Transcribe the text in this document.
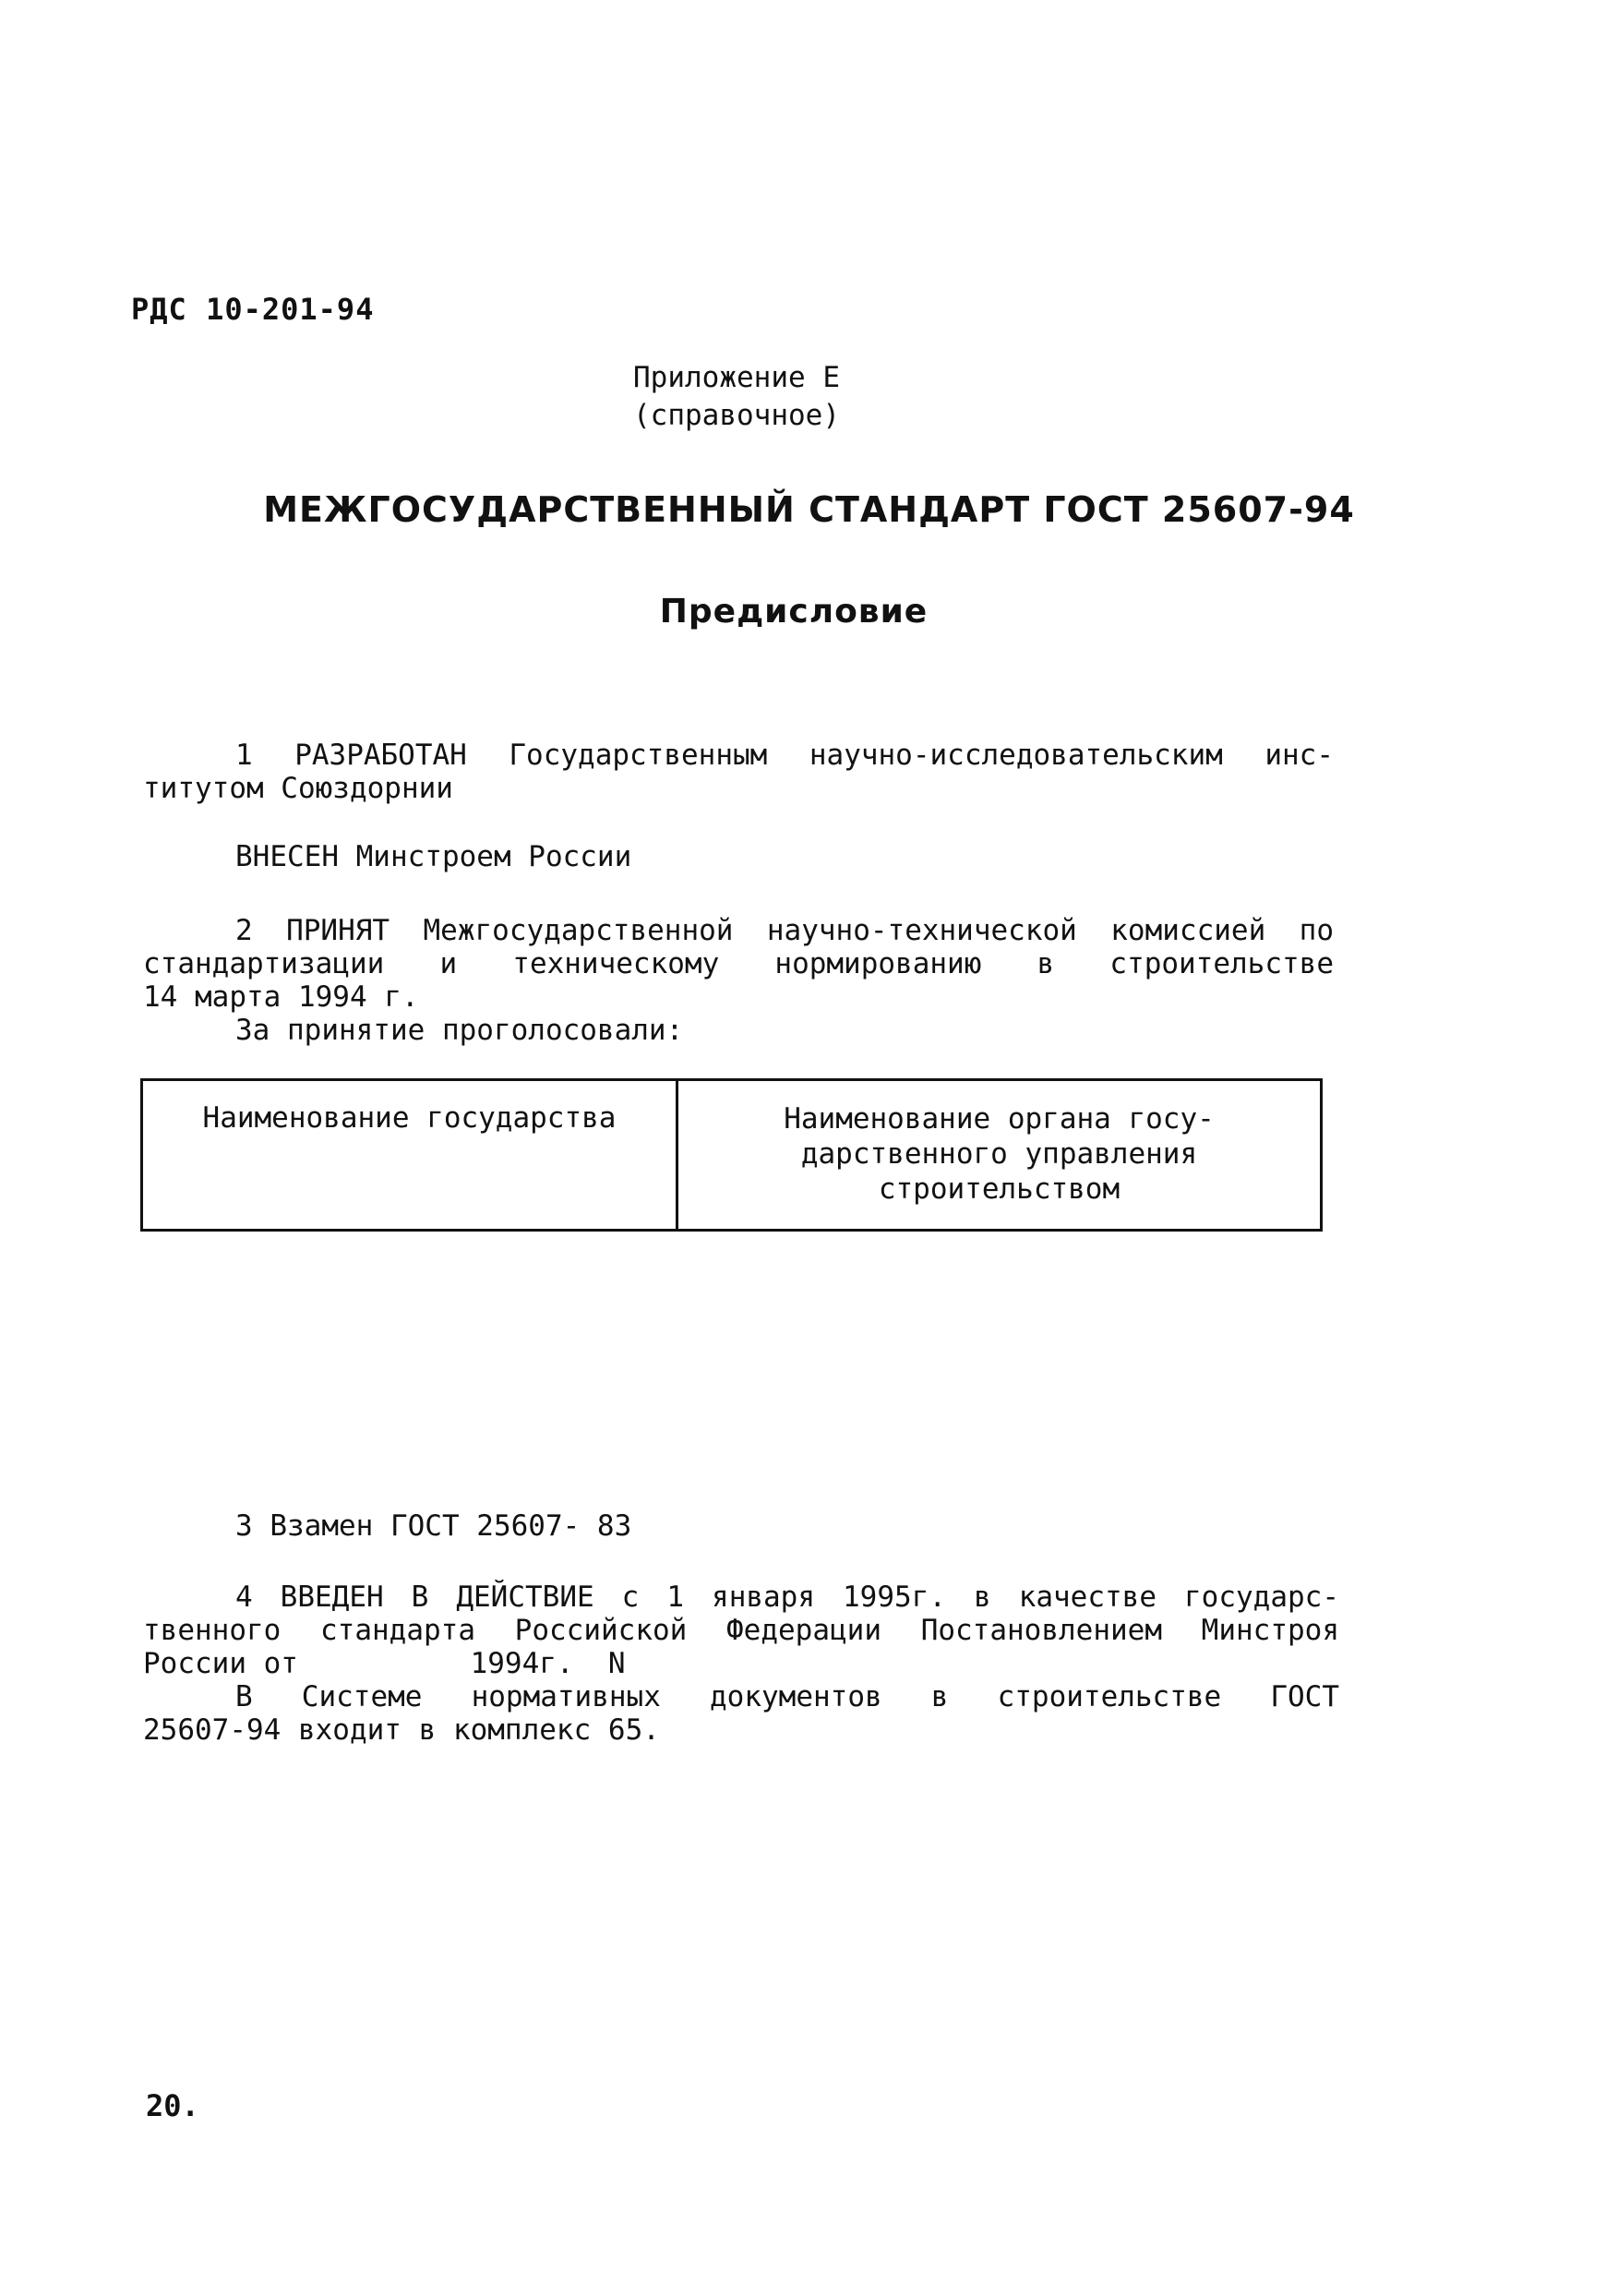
РДС 10-201-94
Приложение Е
(справочное)
МЕЖГОСУДАРСТВЕННЫЙ СТАНДАРТ ГОСТ 25607-94
Предисловие
1 РАЗРАБОТАН Государственным научно-исследовательским инс-
титутом Союздорнии
ВНЕСЕН Минстроем России
2 ПРИНЯТ Межгосударственной научно-технической комиссией по
стандартизации и техническому нормированию в строительстве
14 марта 1994 г.
За принятие проголосовали:
Наименование государства	Наименование органа госу-
дарственного управления
строительством
3 Взамен ГОСТ 25607- 83
4 ВВЕДЕН В ДЕЙСТВИЕ с 1 января 1995г. в качестве государс-
твенного стандарта Российской Федерации Постановлением Минстроя
России от          1994г.  N
В Системе нормативных документов в строительстве ГОСТ
25607-94 входит в комплекс 65.
20.
